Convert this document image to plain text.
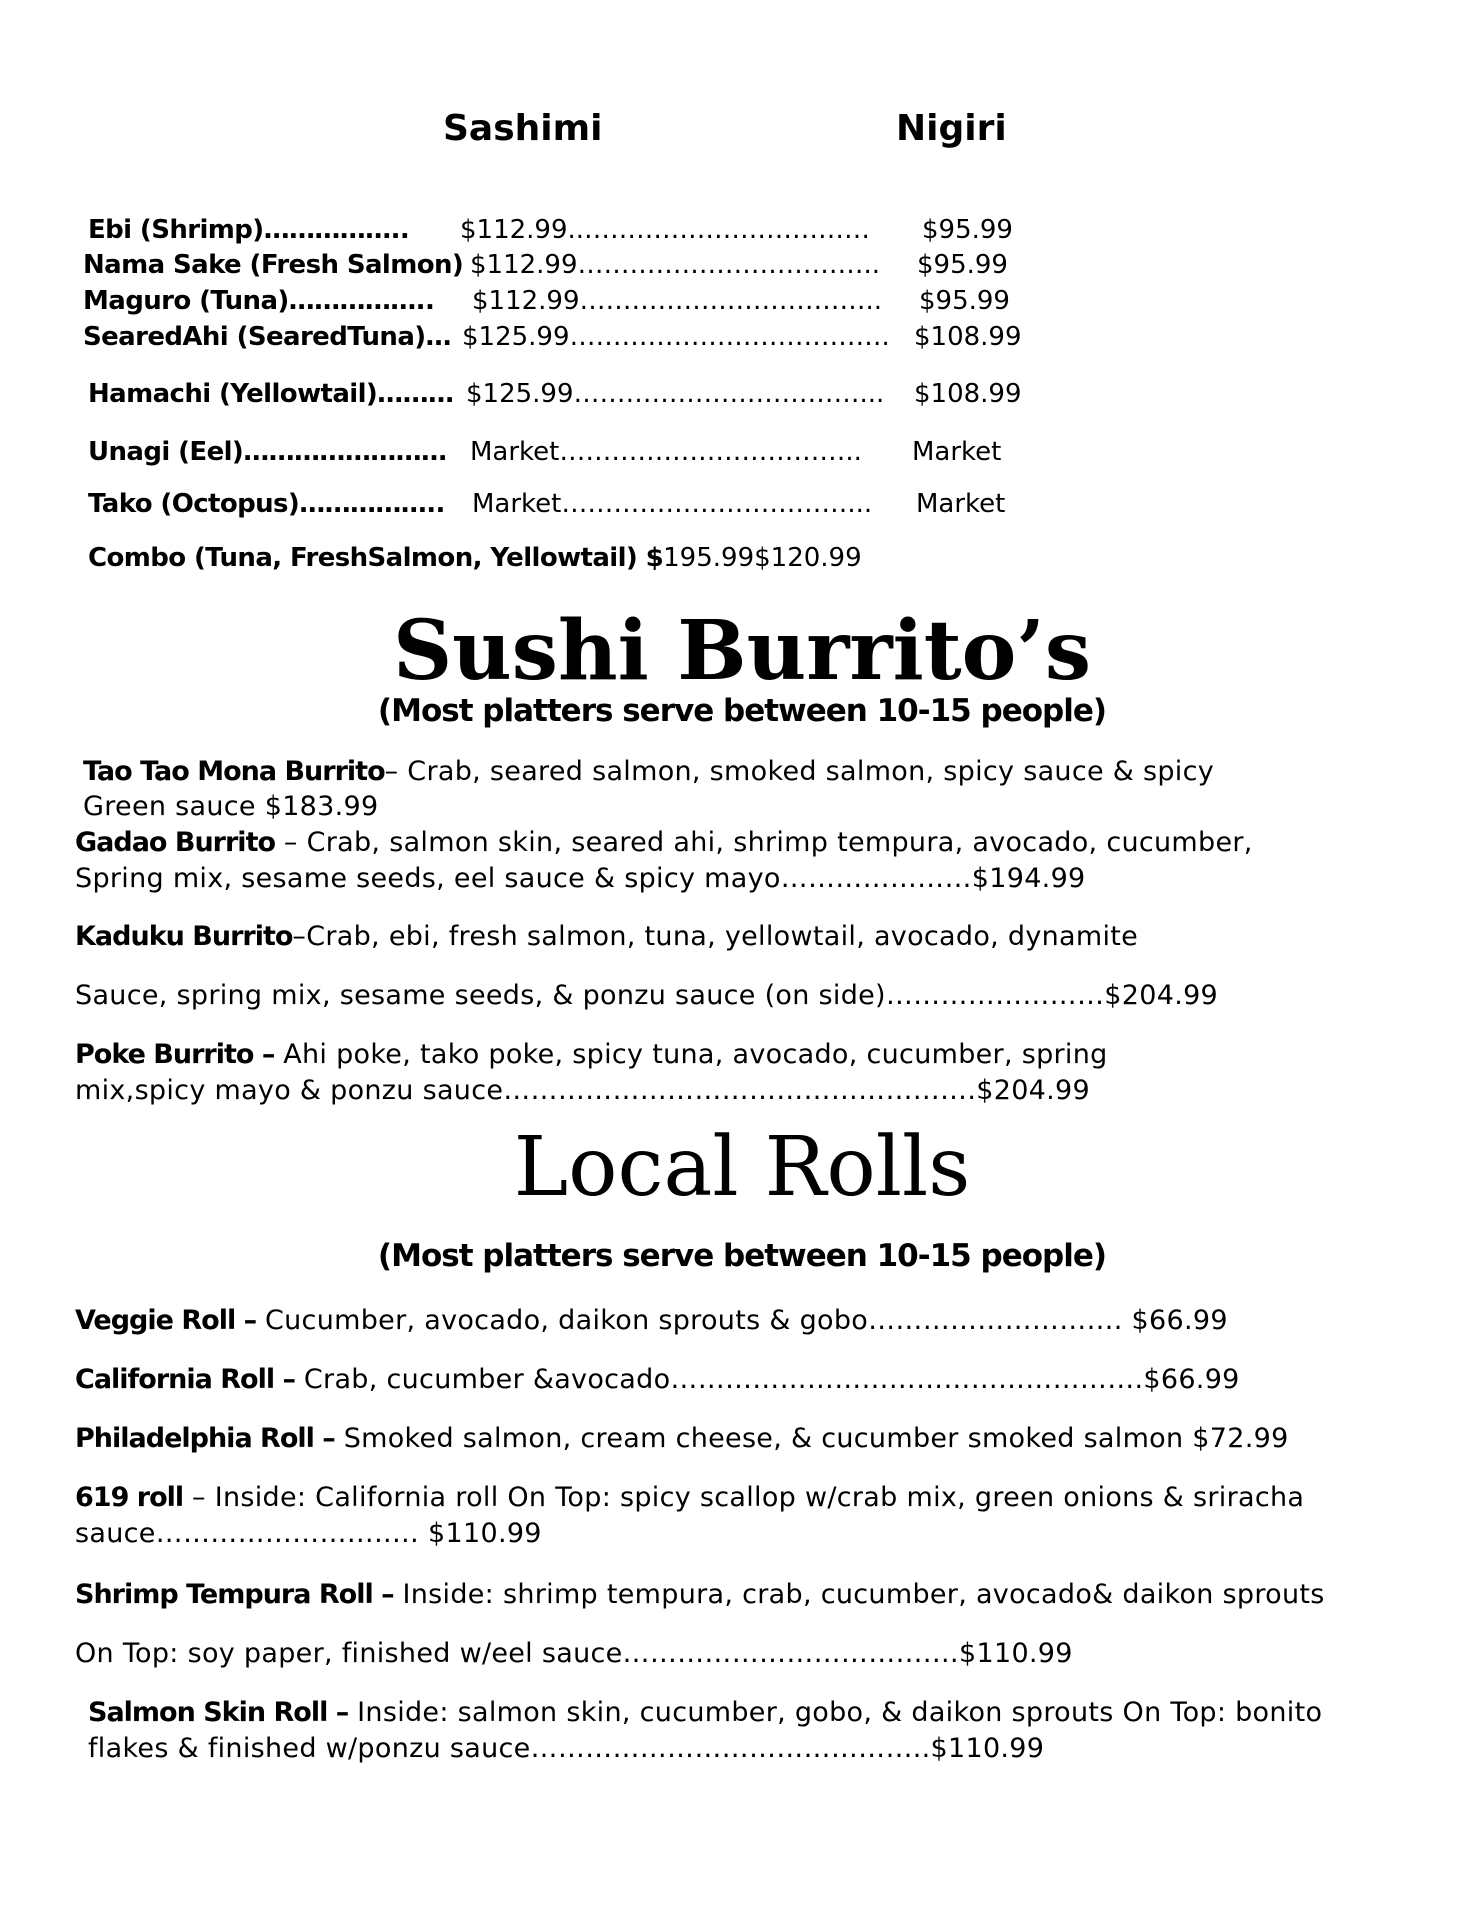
Sashimi	Nigiri
Ebi (Shrimp)…………….. $112.99..…………………………… $95.99
Nama Sake (Fresh Salmon) $112.99…………………………….. $95.99
Maguro (Tuna)…………….. $112.99…………………………….. $95.99
SearedAhi (SearedTuna)… $125.99………………………………. $108.99
Hamachi (Yellowtail)……… $125.99……………………………... $108.99
Unagi (Eel)…………………… Market…………………………….. Market
Tako (Octopus)…………….. Market……………………………... Market
Combo (Tuna, FreshSalmon, Yellowtail) $195.99$120.99
Sushi Burrito’s
(Most platters serve between 10-15 people)
Tao Tao Mona Burrito– Crab, seared salmon, smoked salmon, spicy sauce & spicy
Green sauce $183.99
Gadao Burrito – Crab, salmon skin, seared ahi, shrimp tempura, avocado, cucumber,
Spring mix, sesame seeds, eel sauce & spicy mayo…………………$194.99
Kaduku Burrito–Crab, ebi, fresh salmon, tuna, yellowtail, avocado, dynamite
Sauce, spring mix, sesame seeds, & ponzu sauce (on side)……………………$204.99
Poke Burrito – Ahi poke, tako poke, spicy tuna, avocado, cucumber, spring
mix,spicy mayo & ponzu sauce…………………………………………….$204.99
Local Rolls
(Most platters serve between 10-15 people)
Veggie Roll – Cucumber, avocado, daikon sprouts & gobo………………………. $66.99
California Roll – Crab, cucumber &avocado…………………………………………….$66.99
Philadelphia Roll – Smoked salmon, cream cheese, & cucumber smoked salmon $72.99
619 roll – Inside: California roll On Top: spicy scallop w/crab mix, green onions & sriracha
sauce……………………..… $110.99
Shrimp Tempura Roll – Inside: shrimp tempura, crab, cucumber, avocado& daikon sprouts
On Top: soy paper, finished w/eel sauce…………………………….…$110.99
Salmon Skin Roll – Inside: salmon skin, cucumber, gobo, & daikon sprouts On Top: bonito
flakes & finished w/ponzu sauce……………………………………..$110.99
